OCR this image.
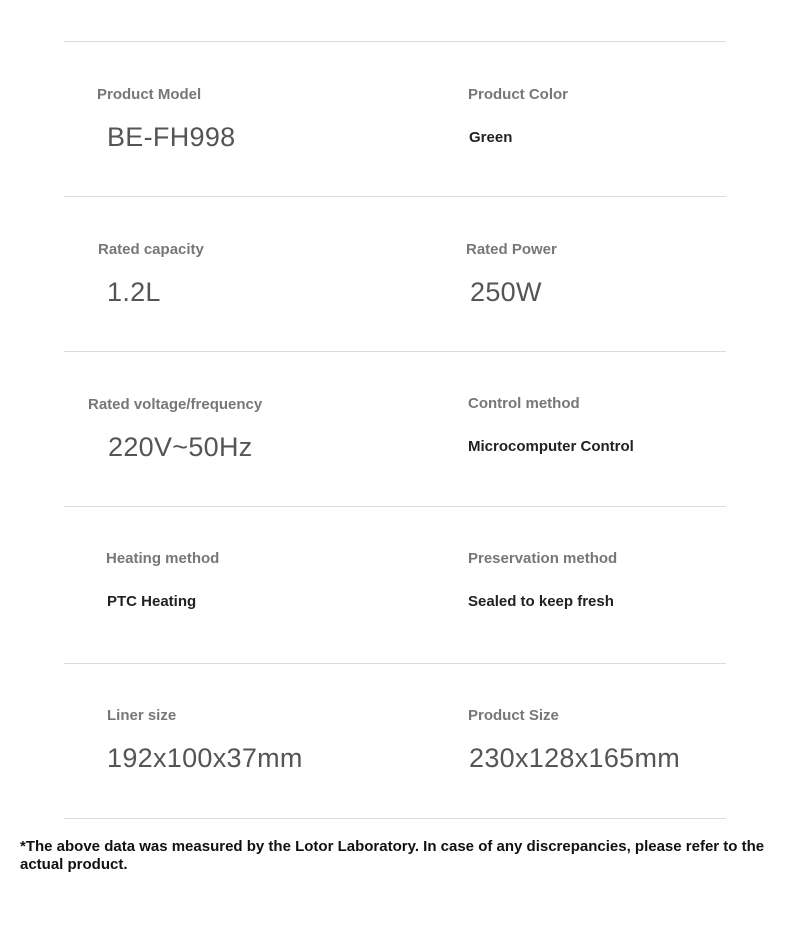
Product Model
BE-FH998
Product Color
Green
Rated capacity
1.2L
Rated Power
250W
Rated voltage/frequency
220V~50Hz
Control method
Microcomputer Control
Heating method
PTC Heating
Preservation method
Sealed to keep fresh
Liner size
192x100x37mm
Product Size
230x128x165mm
*The above data was measured by the Lotor Laboratory. In case of any discrepancies, please refer to the actual product.
